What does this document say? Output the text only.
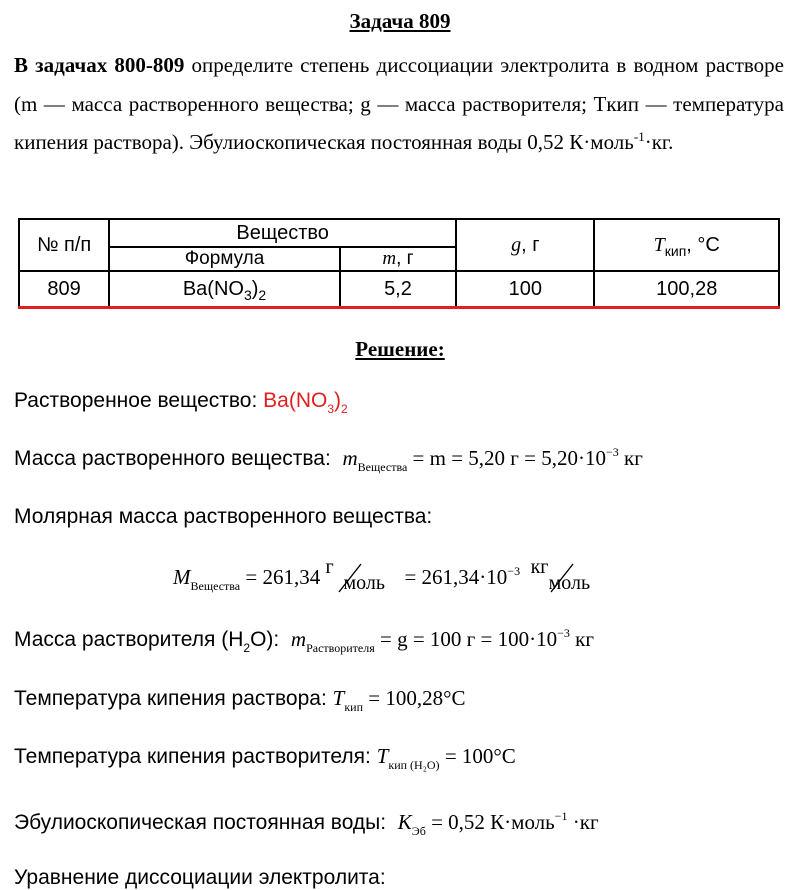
Задача 809
В задачах 800-809 определите степень диссоциации электролита в водном растворе (m — масса растворенного вещества; g — масса растворителя; Tкип — температура кипения раствора). Эбулиоскопическая постоянная воды 0,52 К·моль$^{-1}$·кг.
№ п/п	Вещество		g, г	$T_{кип}$, °С
	Формула	m, г		
809	$Ba(NO_3)_2$	5,2	100	100,28
Решение:
Растворенное вещество: $Ba(NO_3)_2$
Масса растворенного вещества: $m_{Вещества} = m = 5,20$ $г = 5,20\cdot 10^{-3}$ кг
Молярная масса растворенного вещества:
$M_{Вещества} = 261,34$ г
моль = $261,34\cdot 10^{-3}$ кг
моль
Масса растворителя $(H_2O)$: $m_{Растворителя} = g = 100$ $г = 100\cdot 10^{-3}$ кг
Температура кипения раствора: $T_{кип} = 100,28^\circ C$
Температура кипения растворителя: $T_{кип (H_2O)} = 100^\circ C$
Эбулиоскопическая постоянная воды: $K_{Эб} = 0,52$ К·моль$^{-1}$ ·кг
Уравнение диссоциации электролита:
